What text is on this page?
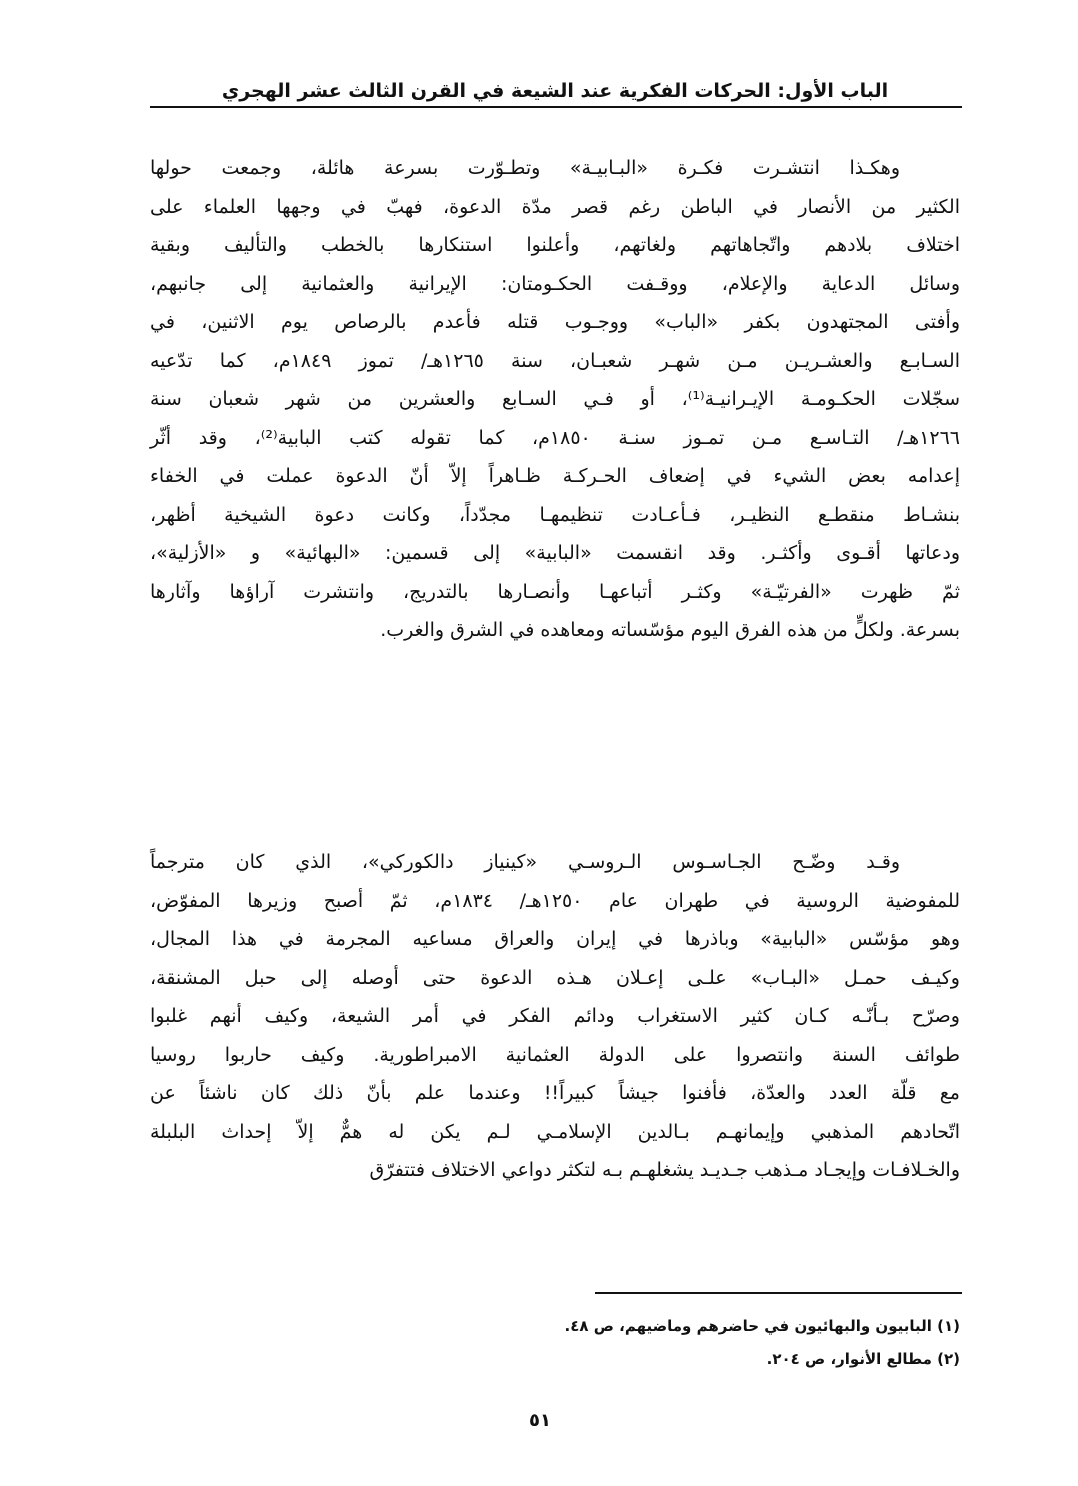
الباب الأول: الحركات الفكرية عند الشيعة في القرن الثالث عشر الهجري
وهكـذا انتشـرت فكـرة «البـابيـة» وتطـوّرت بسرعة هائلة، وجمعت حولها
الكثير من الأنصار في الباطن رغم قصر مدّة الدعوة، فهبّ في وجهها العلماء على
اختلاف بلادهم واتّجاهاتهم ولغاتهم، وأعلنوا استنكارها بالخطب والتأليف وبقية
وسائل الدعاية والإعلام، ووقـفت الحكـومتان: الإيرانية والعثمانية إلى جانبهم،
وأفتى المجتهدون بكفر «الباب» ووجـوب قتله فأعدم بالرصاص يوم الاثنين، في
السـابـع والعشـريـن مـن شهـر شعبـان، سنة ١٢٦٥هـ/ تموز ١٨٤٩م، كما تدّعيه
سجّلات الحكـومـة الإيـرانيـة⁽¹⁾، أو فـي السـابع والعشرين من شهر شعبان سنة
١٢٦٦هـ/ التـاسـع مـن تمـوز سنـة ١٨٥٠م، كما تقوله كتب البابية⁽²⁾، وقد أثّر
إعدامه بعض الشيء في إضعاف الحـركـة ظـاهراً إلاّ أنّ الدعوة عملت في الخفاء
بنشـاط منقطـع النظيـر، فـأعـادت تنظيمهـا مجدّداً، وكانت دعوة الشيخية أظهر،
ودعاتها أقـوى وأكثـر. وقد انقسمت «البابية» إلى قسمين: «البهائية» و «الأزلية»،
ثمّ ظهرت «الفرتيّـة» وكثـر أتباعهـا وأنصـارها بالتدريج، وانتشرت آراؤها وآثارها
بسرعة. ولكلٍّ من هذه الفرق اليوم مؤسّساته ومعاهده في الشرق والغرب.
وقـد وضّـح الجـاسـوس الـروسـي «كينياز دالكوركي»، الذي كان مترجماً
للمفوضية الروسية في طهران عام ١٢٥٠هـ/ ١٨٣٤م، ثمّ أصبح وزيرها المفوّض،
وهو مؤسّس «البابية» وباذرها في إيران والعراق مساعيه المجرمة في هذا المجال،
وكيـف حمـل «البـاب» علـى إعـلان هـذه الدعوة حتى أوصله إلى حبل المشنقة،
وصرّح بـأنّـه كـان كثير الاستغراب ودائم الفكر في أمر الشيعة، وكيف أنهم غلبوا
طوائف السنة وانتصروا على الدولة العثمانية الامبراطورية. وكيف حاربوا روسيا
مع قلّة العدد والعدّة، فأفنوا جيشاً كبيراً!! وعندما علم بأنّ ذلك كان ناشئاً عن
اتّحادهم المذهبي وإيمانهـم بـالدين الإسلامـي لـم يكن له همٌّ إلاّ إحداث البلبلة
والخـلافـات وإيجـاد مـذهب جـديـد يشغلهـم بـه لتكثر دواعي الاختلاف فتتفرّق
(١) البابيون والبهائيون في حاضرهم وماضيهم، ص ٤٨.
(٢) مطالع الأنوار، ص ٢٠٤.
٥١
